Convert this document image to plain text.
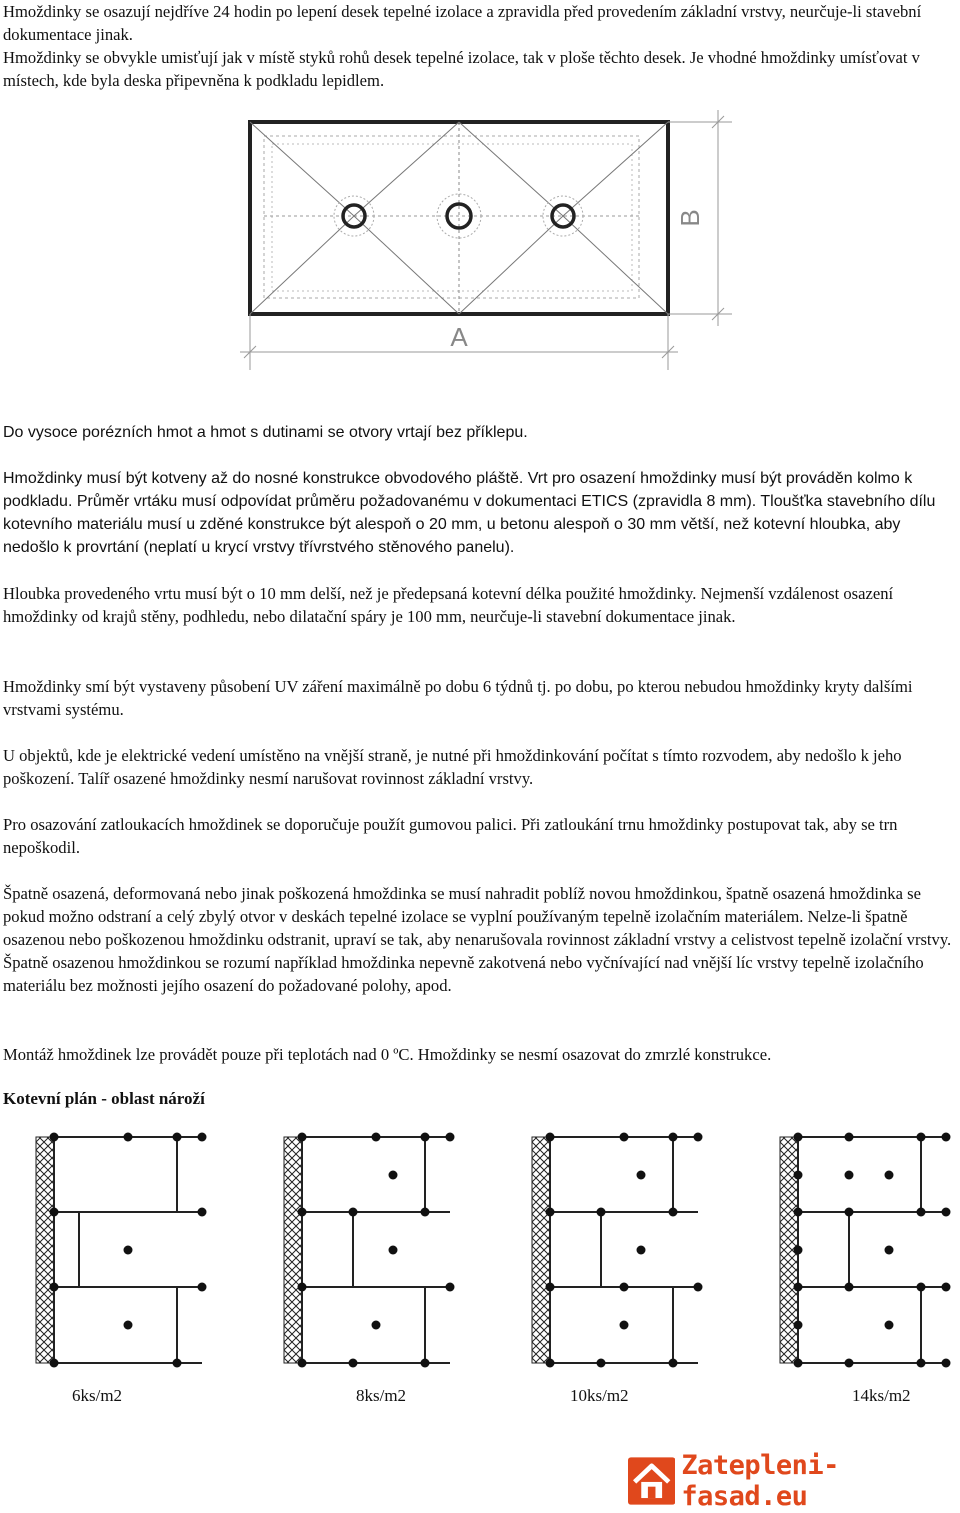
Hmoždinky se osazují nejdříve 24 hodin po lepení desek tepelné izolace a zpravidla před provedením základní vrstvy, neurčuje-li stavební dokumentace jinak.

Hmoždinky se obvykle umisťují jak v místě styků rohů desek tepelné izolace, tak v ploše těchto desek. Je vhodné hmoždinky umísťovat v místech, kde byla deska připevněna k podkladu lepidlem.

A
B

Do vysoce porézních hmot a hmot s dutinami se otvory vrtají bez příklepu.

Hmoždinky musí být kotveny až do nosné konstrukce obvodového pláště. Vrt pro osazení hmoždinky musí být prováděn kolmo k podkladu. Průměr vrtáku musí odpovídat průměru požadovanému v dokumentaci ETICS (zpravidla 8 mm). Tloušťka stavebního dílu kotevního materiálu musí u zděné konstrukce být alespoň o 20 mm, u betonu alespoň o 30 mm větší, než kotevní hloubka, aby nedošlo k provrtání (neplatí u krycí vrstvy třívrstvého stěnového panelu).

Hloubka provedeného vrtu musí být o 10 mm delší, než je předepsaná kotevní délka použité hmoždinky. Nejmenší vzdálenost osazení hmoždinky od krajů stěny, podhledu, nebo dilatační spáry je 100 mm, neurčuje-li stavební dokumentace jinak.

Hmoždinky smí být vystaveny působení UV záření maximálně po dobu 6 týdnů tj. po dobu, po kterou nebudou hmoždinky kryty dalšími vrstvami systému.

U objektů, kde je elektrické vedení umístěno na vnější straně, je nutné při hmoždinkování počítat s tímto rozvodem, aby nedošlo k jeho poškození. Talíř osazené hmoždinky nesmí narušovat rovinnost základní vrstvy.

Pro osazování zatloukacích hmoždinek se doporučuje použít gumovou palici. Při zatloukání trnu hmoždinky postupovat tak, aby se trn nepoškodil.

Špatně osazená, deformovaná nebo jinak poškozená hmoždinka se musí nahradit poblíž novou hmoždinkou, špatně osazená hmoždinka se pokud možno odstraní a celý zbylý otvor v deskách tepelné izolace se vyplní používaným tepelně izolačním materiálem. Nelze-li špatně osazenou nebo poškozenou hmoždinku odstranit, upraví se tak, aby nenarušovala rovinnost základní vrstvy a celistvost tepelně izolační vrstvy. Špatně osazenou hmoždinkou se rozumí například hmoždinka nepevně zakotvená nebo vyčnívající nad vnější líc vrstvy tepelně izolačního materiálu bez možnosti jejího osazení do požadované polohy, apod.

Montáž hmoždinek lze provádět pouze při teplotách nad 0 ºC. Hmoždinky se nesmí osazovat do zmrzlé konstrukce.

Kotevní plán - oblast nároží

6ks/m2	8ks/m2	10ks/m2	14ks/m2
Zatepleni-fasad.eu
